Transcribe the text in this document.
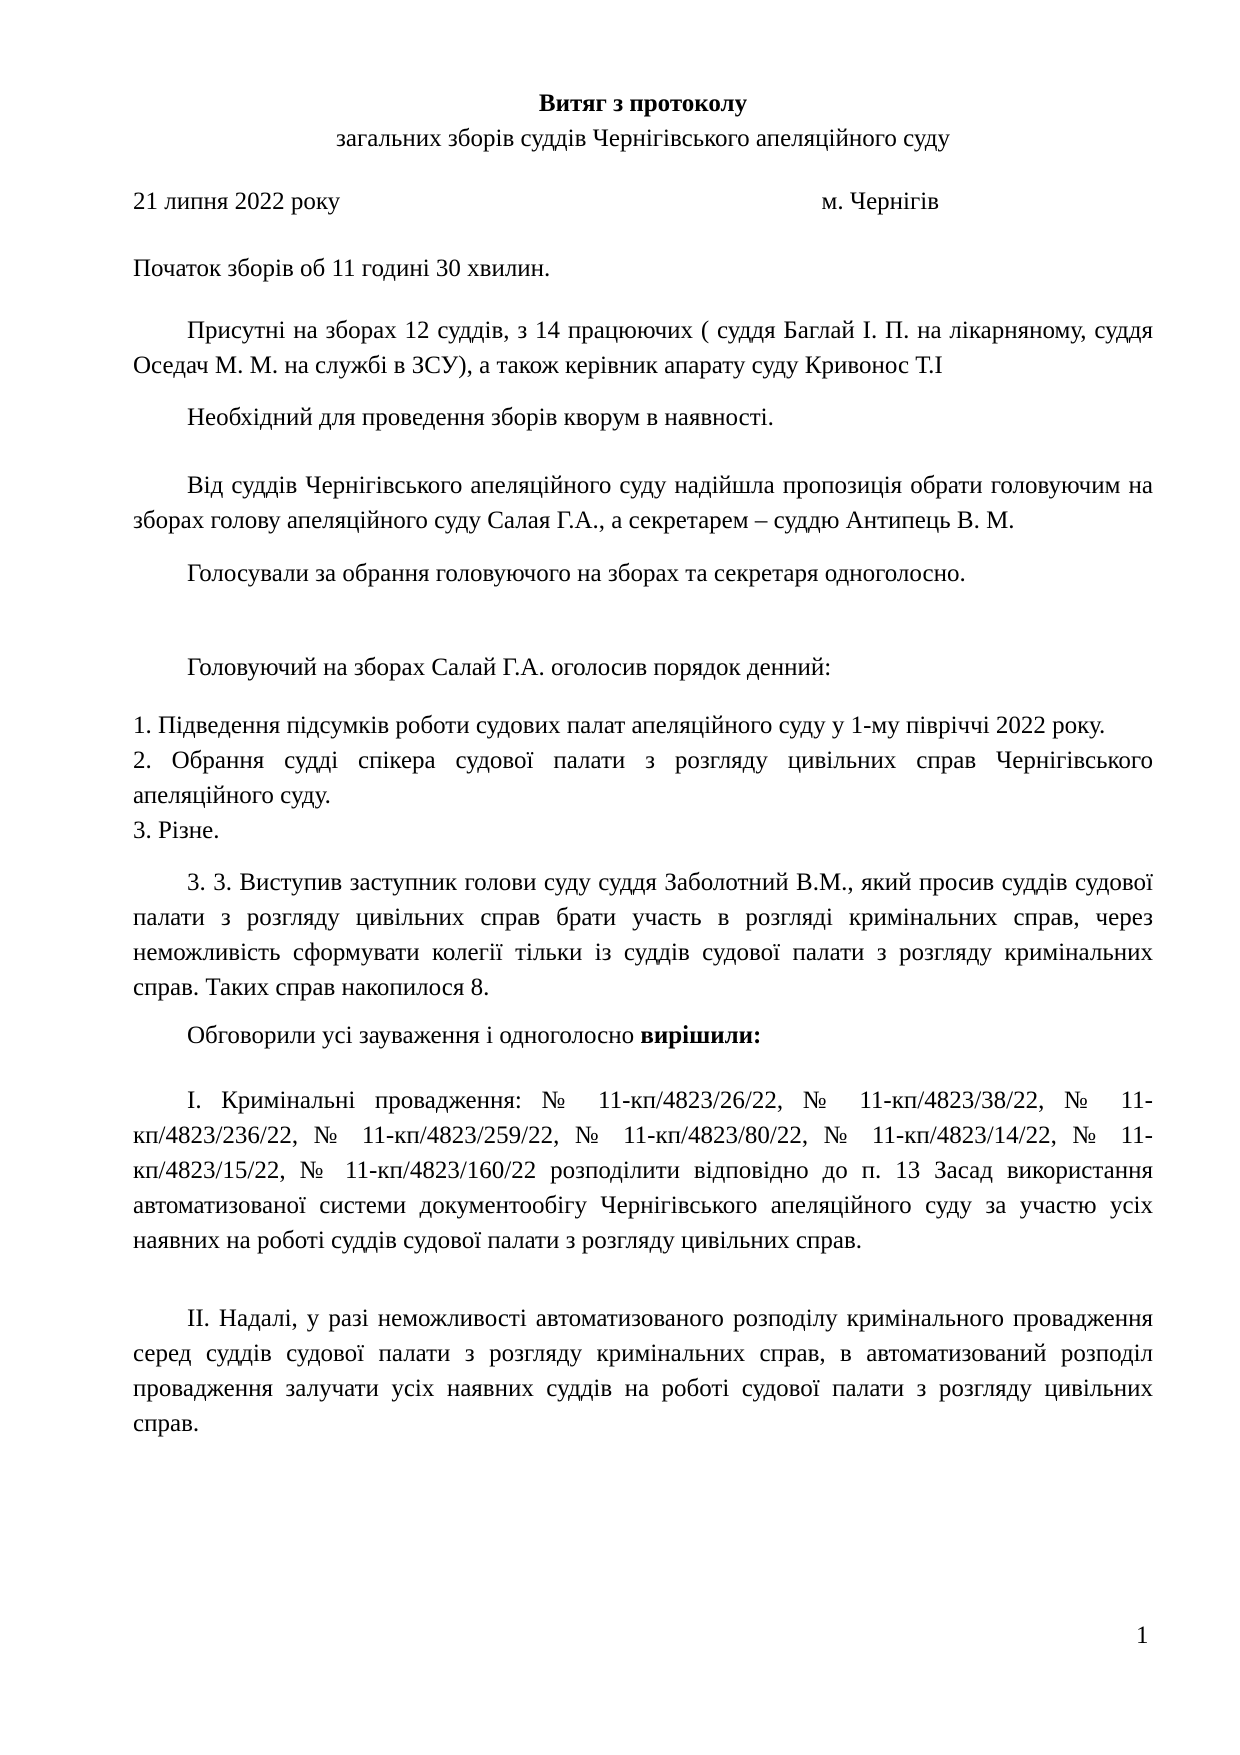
Витяг з протоколу
загальних зборів суддів Чернігівського апеляційного суду
21 липня 2022 року	м. Чернігів

Початок зборів об 11 годині 30 хвилин.

Присутні на зборах 12 суддів, з 14 працюючих ( суддя Баглай І. П. на лікарняному, суддя Оседач М. М. на службі в ЗСУ), а також керівник апарату суду Кривонос Т.І

Необхідний для проведення зборів кворум в наявності.

Від суддів Чернігівського апеляційного суду надійшла пропозиція обрати головуючим на зборах голову апеляційного суду Салая Г.А., а секретарем – суддю Антипець В. М.

Голосували за обрання головуючого на зборах та секретаря одноголосно.

Головуючий на зборах Салай Г.А. оголосив порядок денний:

1. Підведення підсумків роботи судових палат апеляційного суду у 1-му півріччі 2022 року.

2. Обрання судді спікера судової палати з розгляду цивільних справ Чернігівського апеляційного суду.

3. Різне.

3. 3. Виступив заступник голови суду суддя Заболотний В.М., який просив суддів судової палати з розгляду цивільних справ брати участь в розгляді кримінальних справ, через неможливість сформувати колегії тільки із суддів судової палати з розгляду кримінальних справ. Таких справ накопилося 8.

Обговорили усі зауваження і одноголосно вирішили:

І. Кримінальні провадження: № 11-кп/4823/26/22, № 11-кп/4823/38/22, № 11-кп/4823/236/22, № 11-кп/4823/259/22, № 11-кп/4823/80/22, № 11-кп/4823/14/22, № 11-кп/4823/15/22, № 11-кп/4823/160/22 розподілити відповідно до п. 13 Засад використання автоматизованої системи документообігу Чернігівського апеляційного суду за участю усіх наявних на роботі суддів судової палати з розгляду цивільних справ.

ІІ. Надалі, у разі неможливості автоматизованого розподілу кримінального провадження серед суддів судової палати з розгляду кримінальних справ, в автоматизований розподіл провадження залучати усіх наявних суддів на роботі судової палати з розгляду цивільних справ.

1
